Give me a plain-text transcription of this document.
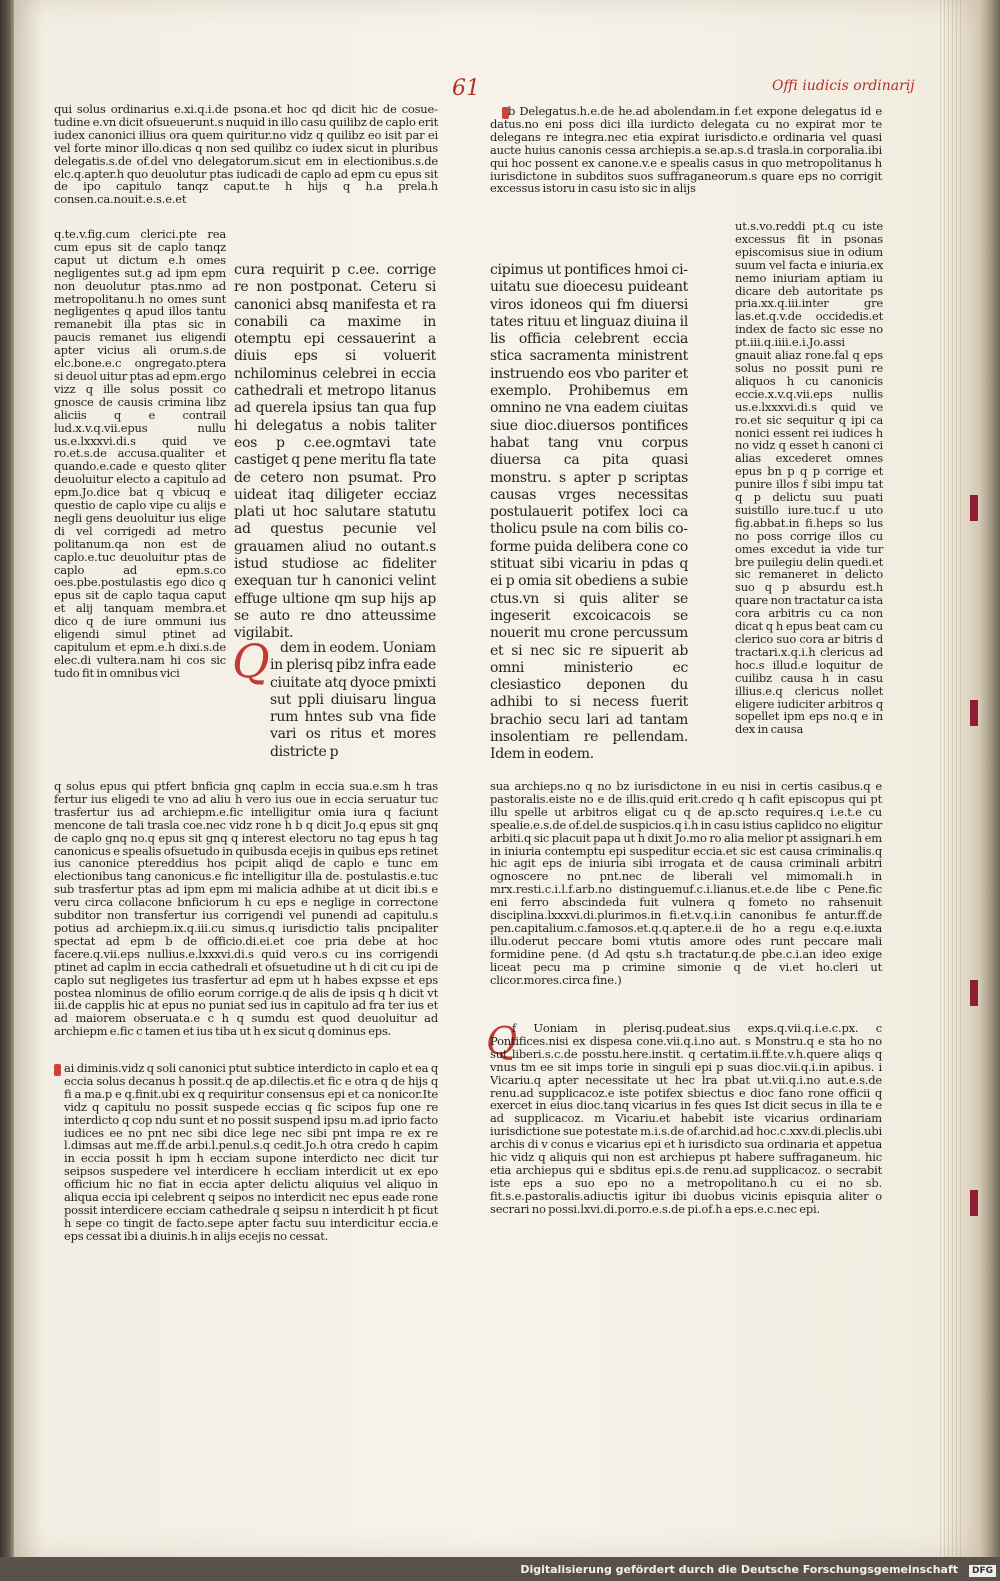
61	Offi iudicis ordinarij
qui solus ordinarius e.xi.q.i.de psona.et hoc qd dicit hic de cosuetudine e.vn dicit ofsueuerunt.s nuquid in illo casu quilibz de caplo erit iudex canonici illius ora quem quiritur.no vidz q quilibz eo isit par ei vel forte minor illo.dicas q non sed quilibz co iudex sicut in pluribus delegatis.s.de of.del vno delegatorum.sicut em in electionibus.s.de elc.q.apter.h quo deuolutur ptas iudicadi de caplo ad epm cu epus sit de ipo capitulo tanqz caput.te h hijs q h.a prela.h consen.ca.nouit.e.s.e.et
q.te.v.fig.cum clerici.pte rea cum epus sit de caplo tanqz caput ut dictum e.h omes negligentes sut.g ad ipm epm non deuolutur ptas.nmo ad metropolitanu.h no omes sunt negligentes q apud illos tantu remanebit illa ptas sic in paucis remanet ius eligendi apter vicius ali orum.s.de elc.bone.e.c ongregato.ptera si deuol uitur ptas ad epm.ergo vizz q ille solus possit co gnosce de causis crimina libz aliciis q e contrail lud.x.v.q.vii.epus nullu us.e.lxxxvi.di.s quid ve ro.et.s.de accusa.qualiter et quando.e.cade e questo qliter deuoluitur electo a capitulo ad epm.Jo.dice bat q vbicuq e questio de caplo vipe cu alijs e negli gens deuoluitur ius elige di vel corrigedi ad metro politanum.qa non est de caplo.e.tuc deuoluitur ptas de caplo ad epm.s.co oes.pbe.postulastis ego dico q epus sit de caplo taqua caput et alij tanquam membra.et dico q de iure ommuni ius eligendi simul ptinet ad capitulum et epm.e.h dixi.s.de elec.di vultera.nam hi cos sic tudo fit in omnibus vici
cura requirit p c.ee. corrige re non postponat. Ceteru si canonici absq manifesta et ra conabili ca maxime in otemptu epi cessauerint a diuis eps si voluerit nchilominus celebrei in eccia cathedrali et metropo litanus ad querela ipsius tan qua fup hi delegatus a nobis taliter eos p c.ee.ogmtavi tate castiget q pene meritu fla tate de cetero non psumat. Pro uideat itaq diligeter ecciaz plati ut hoc salutare statutu ad questus pecunie vel grauamen aliud no outant.s istud studiose ac fideliter exequan tur h canonici velint effuge ultione qm sup hijs ap se auto re dno atteussime vigilabit.
Q dem in eodem. Uoniam in plerisq pibz infra eade ciuitate atq dyoce pmixti sut ppli diuisaru lingua rum hntes sub vna fide vari os ritus et mores districte p
q solus epus qui ptfert bnficia gnq caplm in eccia sua.e.sm h tras fertur ius eligedi te vno ad aliu h vero ius oue in eccia seruatur tuc trasfertur ius ad archiepm.e.fic intelligitur omia iura q faciunt mencone de tali trasla coe.nec vidz rone h b q dicit Jo.q epus sit gnq de caplo gnq no.q epus sit gnq q interest electoru no tag epus h tag canonicus e spealis ofsuetudo in quibusda ecejis in quibus eps retinet ius canonice ptereddius hos pcipit aliqd de caplo e tunc em electionibus tang canonicus.e fic intelligitur illa de. postulastis.e.tuc sub trasfertur ptas ad ipm epm mi malicia adhibe at ut dicit ibi.s e veru circa collacone bnficiorum h cu eps e neglige in correctone subditor non transfertur ius corrigendi vel punendi ad capitulu.s potius ad archiepm.ix.q.iii.cu simus.q iurisdictio talis pncipaliter spectat ad epm b de officio.di.ei.et coe pria debe at hoc facere.q.vii.eps nullius.e.lxxxvi.di.s quid vero.s cu ins corrigendi ptinet ad caplm in eccia cathedrali et ofsuetudine ut h di cit cu ipi de caplo sut negligetes ius trasfertur ad epm ut h habes expsse et eps postea nlominus de ofilio eorum corrige.q de alis de ipsis q h dicit vt iii.de capplis hic at epus no puniat sed ius in capitulo ad fra ter ius et ad maiorem obseruata.e c h q sumdu est quod deuoluitur ad archiepm e.fic c tamen et ius tiba ut h ex sicut q dominus eps.
ai diminis.vidz q soli canonici ptut subtice interdicto in caplo et ea q eccia solus decanus h possit.q de ap.dilectis.et fic e otra q de hijs q fi a ma.p e q.finit.ubi ex q requiritur consensus epi et ca nonicor.Ite vidz q capitulu no possit suspede eccias q fic scipos fup one re interdicto q cop ndu sunt et no possit suspend ipsu m.ad iprio facto iudices ee no pnt nec sibi dice lege nec sibi pnt impa re ex re l.dimsas aut me.ff.de arbi.l.penul.s.q cedit.Jo.h otra credo h capim in eccia possit h ipm h ecciam supone interdicto nec dicit tur seipsos suspedere vel interdicere h eccliam interdicit ut ex epo officium hic no fiat in eccia apter delictu aliquius vel aliquo in aliqua eccia ipi celebrent q seipos no interdicit nec epus eade rone possit interdicere ecciam cathedrale q seipsu n interdicit h pt ficut h sepe co tingit de facto.sepe apter factu suu interdicitur eccia.e eps cessat ibi a diuinis.h in alijs ecejis no cessat.
b Delegatus.h.e.de he.ad abolendam.in f.et expone delegatus id e datus.no eni poss dici illa iurdicto delegata cu no expirat mor te delegans re integra.nec etia expirat iurisdicto.e ordinaria vel quasi aucte huius canonis cessa archiepis.a se.ap.s.d trasla.in corporalia.ibi qui hoc possent ex canone.v.e e spealis casus in quo metropolitanus h iurisdictone in subditos suos suffraganeorum.s quare eps no corrigit excessus istoru in casu isto sic in alijs
cipimus ut pontifices hmoi ciuitatu sue dioecesu puideant viros idoneos qui fm diuersi tates rituu et linguaz diuina il lis officia celebrent eccia stica sacramenta ministrent instruendo eos vbo pariter et exemplo. Prohibemus em omnino ne vna eadem ciuitas siue dioc.diuersos pontifices habat tang vnu corpus diuersa ca pita quasi monstru. s apter p scriptas causas vrges necessitas postulauerit potifex loci ca tholicu psule na com bilis coforme puida delibera cone co stituat sibi vicariu in pdas q ei p omia sit obediens a subie ctus.vn si quis aliter se ingeserit excoicacois se nouerit mu crone percussum et si nec sic re sipuerit ab omni ministerio ec clesiastico deponen du adhibi to si necess fuerit brachio secu lari ad tantam insolentiam re pellendam. Idem in eodem.
ut.s.vo.reddi pt.q cu iste excessus fit in psonas episcomisus siue in odium suum vel facta e iniuria.ex nemo iniuriam aptiam iu dicare deb autoritate ps pria.xx.q.iii.inter gre las.et.q.v.de occidedis.et index de facto sic esse no pt.iii.q.iiii.e.i.Jo.assi gnauit aliaz rone.fal q eps solus no possit puni re aliquos h cu canonicis eccie.x.v.q.vii.eps nullis us.e.lxxxvi.di.s quid ve ro.et sic sequitur q ipi ca nonici essent rei iudices h no vidz q esset h canoni ci alias excederet omnes epus bn p q p corrige et punire illos f sibi impu tat q p delictu suu puati suistillo iure.tuc.f u uto fig.abbat.in fi.heps so lus no poss corrige illos cu omes excedut ia vide tur bre puilegiu delin quedi.et sic remaneret in delicto suo q p absurdu est.h quare non tractatur ca ista cora arbitris cu ca non dicat q h epus beat cam cu clerico suo cora ar bitris d tractari.x.q.i.h clericus ad hoc.s illud.e loquitur de cuilibz causa h in casu illius.e.q clericus nollet eligere iudiciter arbitros q sopellet ipm eps no.q e in dex in causa
sua archieps.no q no bz iurisdictone in eu nisi in certis casibus.q e pastoralis.eiste no e de illis.quid erit.credo q h cafit episcopus qui pt illu spelle ut arbitros eligat cu q de ap.scto requires.q i.e.t.e cu spealie.e.s.de of.del.de suspicios.q i.h in casu istius caplidco no eligitur arbiti.q sic placuit papa ut h dixit Jo.mo ro alia melior pt assignari.h em in iniuria contemptu epi suspeditur eccia.et sic est causa criminalis.q hic agit eps de iniuria sibi irrogata et de causa criminali arbitri ognoscere no pnt.nec de liberali vel mimomali.h in mrx.resti.c.i.l.f.arb.no distinguemuf.c.i.lianus.et.e.de libe c Pene.fic eni ferro abscindeda fuit vulnera q fometo no rahsenuit disciplina.lxxxvi.di.plurimos.in fi.et.v.q.i.in canonibus fe antur.ff.de pen.capitalium.c.famosos.et.q.q.apter.e.ii de ho a regu e.q.e.iuxta illu.oderut peccare bomi vtutis amore odes runt peccare mali formidine pene. (d Ad qstu s.h tractatur.q.de pbe.c.i.an ideo exige liceat pecu ma p crimine simonie q de vi.et ho.cleri ut clicor.mores.circa fine.)
Q
f Uoniam in plerisq.pudeat.sius exps.q.vii.q.i.e.c.px. c Pontifices.nisi ex dispesa cone.vii.q.i.no aut. s Monstru.q e sta ho no sut liberi.s.c.de posstu.here.instit. q certatim.ii.ff.te.v.h.quere aliqs q vnus tm ee sit imps torie in singuli epi p suas dioc.vii.q.i.in apibus. i Vicariu.q apter necessitate ut hec lra pbat ut.vii.q.i.no aut.e.s.de renu.ad supplicacoz.e iste potifex sbiectus e dioc fano rone officii q exercet in eius dioc.tanq vicarius in fes ques Ist dicit secus in illa te e ad supplicacoz. m Vicariu.et habebit iste vicarius ordinariam iurisdictione sue potestate m.i.s.de of.archid.ad hoc.c.xxv.di.pleclis.ubi archis di v conus e vicarius epi et h iurisdicto sua ordinaria et appetua hic vidz q aliquis qui non est archiepus pt habere suffraganeum. hic etia archiepus qui e sbditus epi.s.de renu.ad supplicacoz. o secrabit iste eps a suo epo no a metropolitano.h cu ei no sb. fit.s.e.pastoralis.adiuctis igitur ibi duobus vicinis episquia aliter o secrari no possi.lxvi.di.porro.e.s.de pi.of.h a eps.e.c.nec epi.
Digitalisierung gefördert durch die Deutsche Forschungsgemeinschaft	DFG
